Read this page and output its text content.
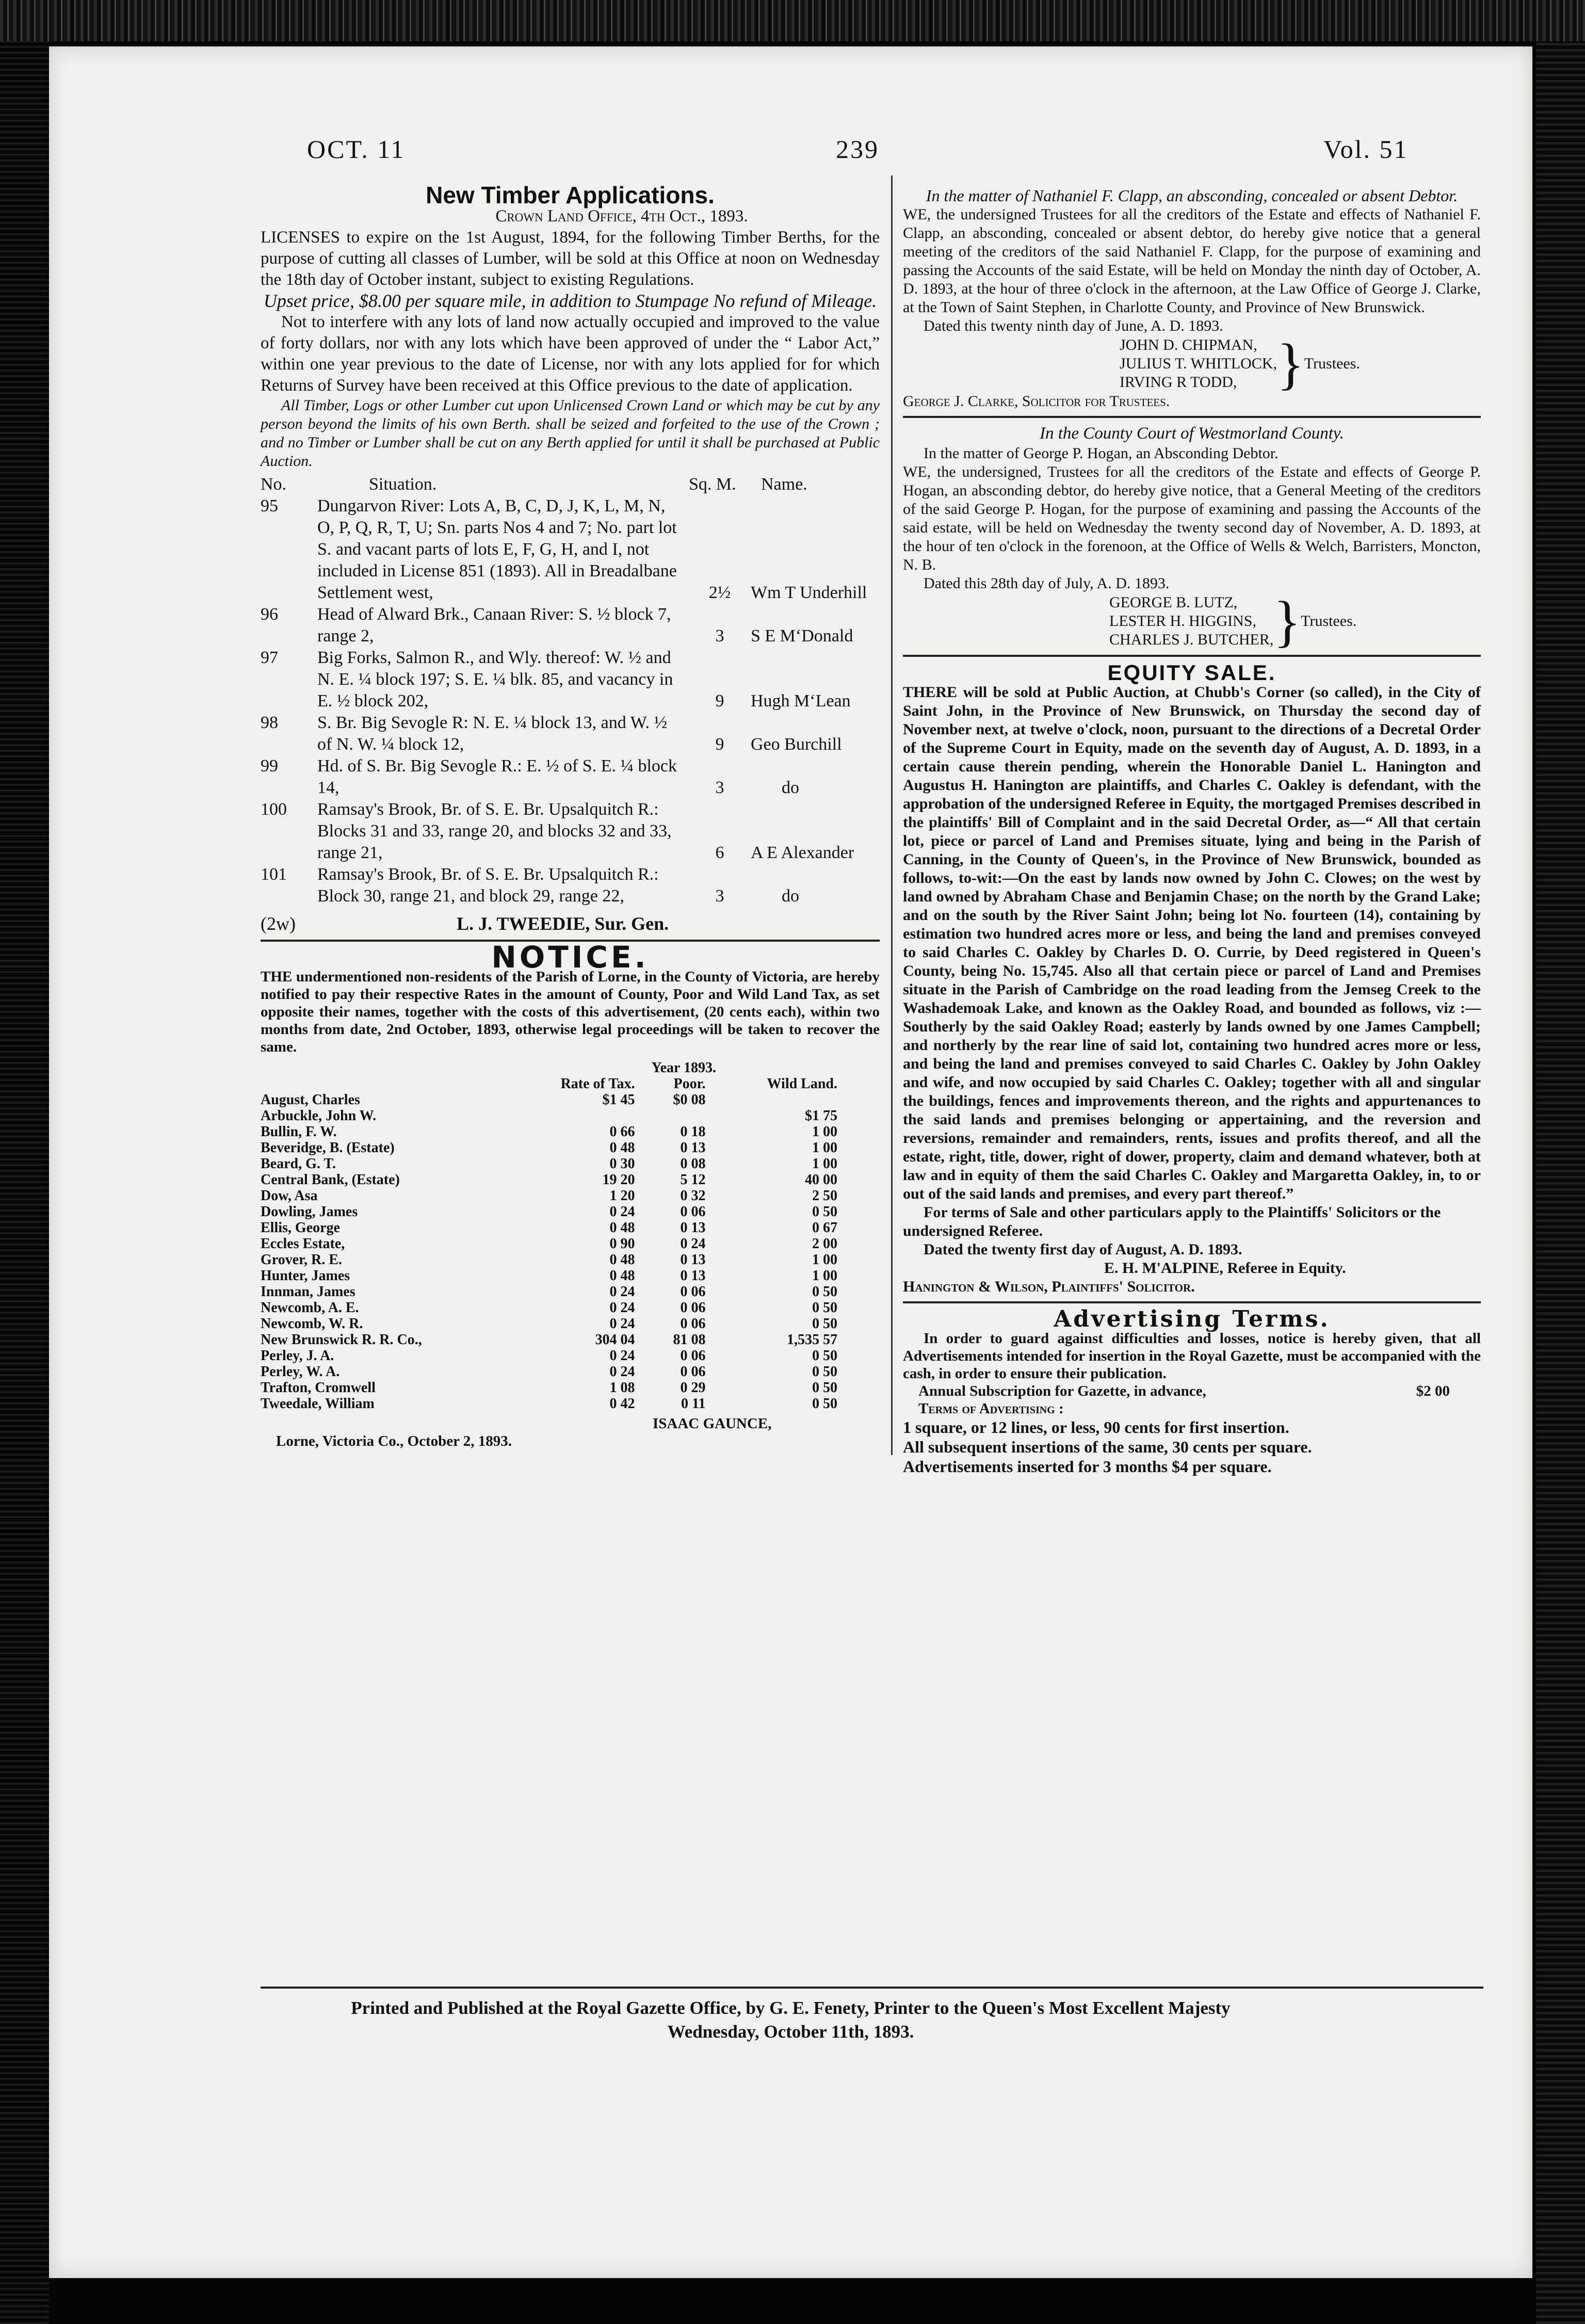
OCT. 11	239	Vol. 51

New Timber Applications.

Crown Land Office, 4th Oct., 1893.

LICENSES to expire on the 1st August, 1894, for the following Timber Berths, for the purpose of cutting all classes of Lumber, will be sold at this Office at noon on Wednesday the 18th day of October instant, subject to existing Regulations.

Upset price, $8.00 per square mile, in addition to Stumpage No refund of Mileage.

Not to interfere with any lots of land now actually occupied and improved to the value of forty dollars, nor with any lots which have been approved of under the “ Labor Act,” within one year previous to the date of License, nor with any lots applied for for which Returns of Survey have been received at this Office previous to the date of application.

All Timber, Logs or other Lumber cut upon Unlicensed Crown Land or which may be cut by any person beyond the limits of his own Berth. shall be seized and forfeited to the use of the Crown ; and no Timber or Lumber shall be cut on any Berth applied for until it shall be purchased at Public Auction.

No.	Situation.	Sq. M.	Name.
95	Dungarvon River: Lots A, B, C, D, J, K, L, M, N, O, P, Q, R, T, U; Sn. parts Nos 4 and 7; No. part lot S. and vacant parts of lots E, F, G, H, and I, not included in License 851 (1893). All in Breadalbane Settlement west,	2½	Wm T Underhill
96	Head of Alward Brk., Canaan River: S. ½ block 7, range 2,	3	S E M‘Donald
97	Big Forks, Salmon R., and Wly. thereof: W. ½ and N. E. ¼ block 197; S. E. ¼ blk. 85, and vacancy in E. ½ block 202,	9	Hugh M‘Lean
98	S. Br. Big Sevogle R: N. E. ¼ block 13, and W. ½ of N. W. ¼ block 12,	9	Geo Burchill
99	Hd. of S. Br. Big Sevogle R.: E. ½ of S. E. ¼ block 14,	3	do
100	Ramsay's Brook, Br. of S. E. Br. Upsalquitch R.: Blocks 31 and 33, range 20, and blocks 32 and 33, range 21,	6	A E Alexander
101	Ramsay's Brook, Br. of S. E. Br. Upsalquitch R.: Block 30, range 21, and block 29, range 22,	3	do
(2w)	L. J. TWEEDIE, Sur. Gen.

NOTICE.

THE undermentioned non-residents of the Parish of Lorne, in the County of Victoria, are hereby notified to pay their respective Rates in the amount of County, Poor and Wild Land Tax, as set opposite their names, together with the costs of this advertisement, (20 cents each), within two months from date, 2nd October, 1893, otherwise legal proceedings will be taken to recover the same.

		Year 1893.	
	Rate of Tax.	Poor.	Wild Land.
August, Charles	$1 45	$0 08	
Arbuckle, John W.			$1 75
Bullin, F. W.	0 66	0 18	1 00
Beveridge, B. (Estate)	0 48	0 13	1 00
Beard, G. T.	0 30	0 08	1 00
Central Bank, (Estate)	19 20	5 12	40 00
Dow, Asa	1 20	0 32	2 50
Dowling, James	0 24	0 06	0 50
Ellis, George	0 48	0 13	0 67
Eccles Estate,	0 90	0 24	2 00
Grover, R. E.	0 48	0 13	1 00
Hunter, James	0 48	0 13	1 00
Innman, James	0 24	0 06	0 50
Newcomb, A. E.	0 24	0 06	0 50
Newcomb, W. R.	0 24	0 06	0 50
New Brunswick R. R. Co.,	304 04	81 08	1,535 57
Perley, J. A.	0 24	0 06	0 50
Perley, W. A.	0 24	0 06	0 50
Trafton, Cromwell	1 08	0 29	0 50
Tweedale, William	0 42	0 11	0 50

ISAAC GAUNCE,

Lorne, Victoria Co., October 2, 1893.

In the matter of Nathaniel F. Clapp, an absconding, concealed or absent Debtor.

WE, the undersigned Trustees for all the creditors of the Estate and effects of Nathaniel F. Clapp, an absconding, concealed or absent debtor, do hereby give notice that a general meeting of the creditors of the said Nathaniel F. Clapp, for the purpose of examining and passing the Accounts of the said Estate, will be held on Monday the ninth day of October, A. D. 1893, at the hour of three o'clock in the afternoon, at the Law Office of George J. Clarke, at the Town of Saint Stephen, in Charlotte County, and Province of New Brunswick.

Dated this twenty ninth day of June, A. D. 1893.

JOHN D. CHIPMAN,
JULIUS T. WHITLOCK,
IRVING R TODD, } Trustees.

George J. Clarke, Solicitor for Trustees.

In the County Court of Westmorland County.

In the matter of George P. Hogan, an Absconding Debtor.

WE, the undersigned, Trustees for all the creditors of the Estate and effects of George P. Hogan, an absconding debtor, do hereby give notice, that a General Meeting of the creditors of the said George P. Hogan, for the purpose of examining and passing the Accounts of the said estate, will be held on Wednesday the twenty second day of November, A. D. 1893, at the hour of ten o'clock in the forenoon, at the Office of Wells & Welch, Barristers, Moncton, N. B.

Dated this 28th day of July, A. D. 1893.

GEORGE B. LUTZ,
LESTER H. HIGGINS,
CHARLES J. BUTCHER, } Trustees.

EQUITY SALE.

THERE will be sold at Public Auction, at Chubb's Corner (so called), in the City of Saint John, in the Province of New Brunswick, on Thursday the second day of November next, at twelve o'clock, noon, pursuant to the directions of a Decretal Order of the Supreme Court in Equity, made on the seventh day of August, A. D. 1893, in a certain cause therein pending, wherein the Honorable Daniel L. Hanington and Augustus H. Hanington are plaintiffs, and Charles C. Oakley is defendant, with the approbation of the undersigned Referee in Equity, the mortgaged Premises described in the plaintiffs' Bill of Complaint and in the said Decretal Order, as—“ All that certain lot, piece or parcel of Land and Premises situate, lying and being in the Parish of Canning, in the County of Queen's, in the Province of New Brunswick, bounded as follows, to-wit:—On the east by lands now owned by John C. Clowes; on the west by land owned by Abraham Chase and Benjamin Chase; on the north by the Grand Lake; and on the south by the River Saint John; being lot No. fourteen (14), containing by estimation two hundred acres more or less, and being the land and premises conveyed to said Charles C. Oakley by Charles D. O. Currie, by Deed registered in Queen's County, being No. 15,745. Also all that certain piece or parcel of Land and Premises situate in the Parish of Cambridge on the road leading from the Jemseg Creek to the Washademoak Lake, and known as the Oakley Road, and bounded as follows, viz :—Southerly by the said Oakley Road; easterly by lands owned by one James Campbell; and northerly by the rear line of said lot, containing two hundred acres more or less, and being the land and premises conveyed to said Charles C. Oakley by John Oakley and wife, and now occupied by said Charles C. Oakley; together with all and singular the buildings, fences and improvements thereon, and the rights and appurtenances to the said lands and premises belonging or appertaining, and the reversion and reversions, remainder and remainders, rents, issues and profits thereof, and all the estate, right, title, dower, right of dower, property, claim and demand whatever, both at law and in equity of them the said Charles C. Oakley and Margaretta Oakley, in, to or out of the said lands and premises, and every part thereof.”

For terms of Sale and other particulars apply to the Plaintiffs' Solicitors or the undersigned Referee.

Dated the twenty first day of August, A. D. 1893.

E. H. M'ALPINE, Referee in Equity.

Hanington & Wilson, Plaintiffs' Solicitor.

Advertising Terms.

In order to guard against difficulties and losses, notice is hereby given, that all Advertisements intended for insertion in the Royal Gazette, must be accompanied with the cash, in order to ensure their publication.

Annual Subscription for Gazette, in advance,	$2 00

Terms of Advertising :

1 square, or 12 lines, or less, 90 cents for first insertion.

All subsequent insertions of the same, 30 cents per square.

Advertisements inserted for 3 months $4 per square.

Printed and Published at the Royal Gazette Office, by G. E. Fenety, Printer to the Queen's Most Excellent Majesty
Wednesday, October 11th, 1893.
